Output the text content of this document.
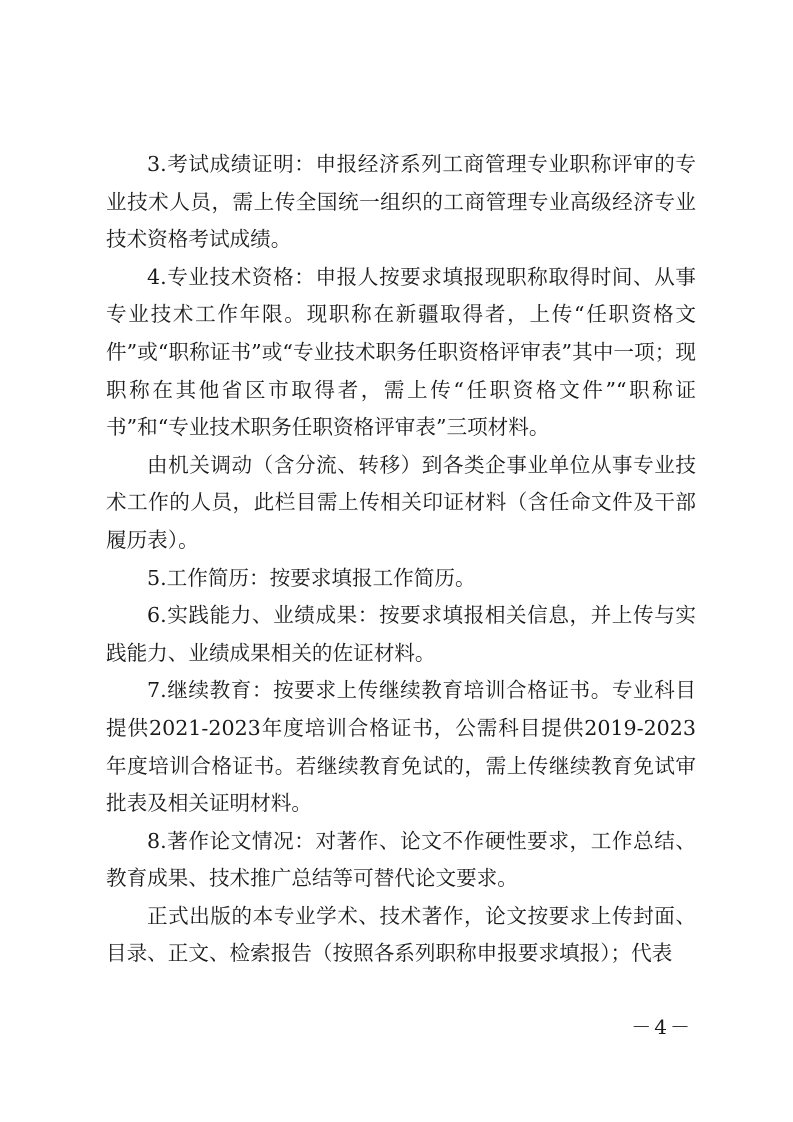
3.考试成绩证明：申报经济系列工商管理专业职称评审的专业技术人员，需上传全国统一组织的工商管理专业高级经济专业技术资格考试成绩。

4.专业技术资格：申报人按要求填报现职称取得时间、从事专业技术工作年限。现职称在新疆取得者，上传“任职资格文件”或“职称证书”或“专业技术职务任职资格评审表”其中一项；现职称在其他省区市取得者，需上传“任职资格文件”“职称证书”和“专业技术职务任职资格评审表”三项材料。

由机关调动（含分流、转移）到各类企事业单位从事专业技术工作的人员，此栏目需上传相关印证材料（含任命文件及干部履历表）。

5.工作简历：按要求填报工作简历。

6.实践能力、业绩成果：按要求填报相关信息，并上传与实践能力、业绩成果相关的佐证材料。

7.继续教育：按要求上传继续教育培训合格证书。专业科目提供2021-2023年度培训合格证书，公需科目提供2019-2023年度培训合格证书。若继续教育免试的，需上传继续教育免试审批表及相关证明材料。

8.著作论文情况：对著作、论文不作硬性要求，工作总结、教育成果、技术推广总结等可替代论文要求。

正式出版的本专业学术、技术著作，论文按要求上传封面、目录、正文、检索报告（按照各系列职称申报要求填报）；代表

－4－
